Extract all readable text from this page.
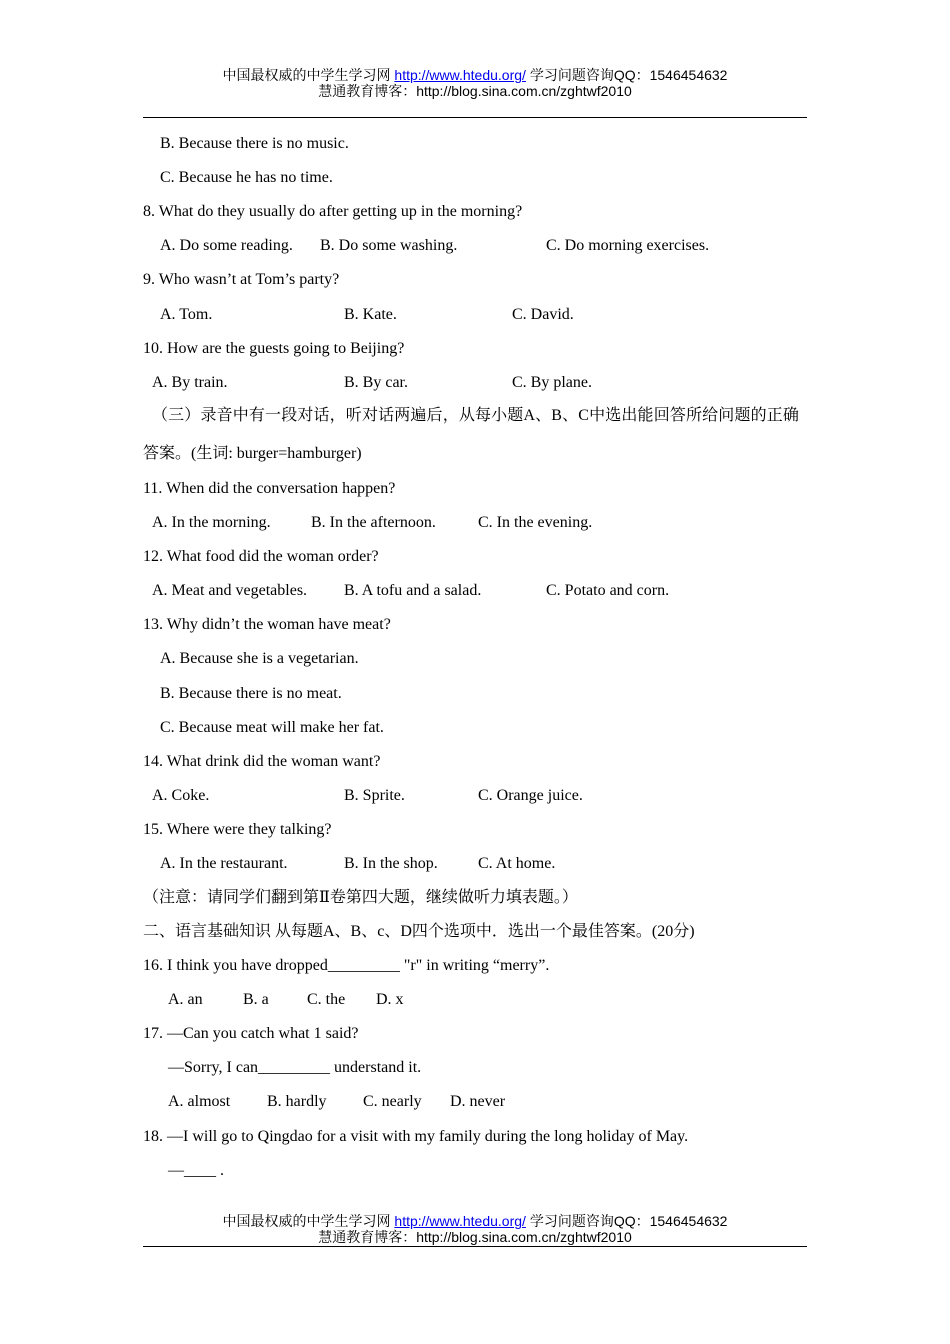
中国最权威的中学生学习网 http://www.htedu.org/ 学习问题咨询QQ：1546454632
慧通教育博客：http://blog.sina.com.cn/zghtwf2010
B. Because there is no music.
C. Because he has no time.
8. What do they usually do after getting up in the morning?
A. Do some reading. B. Do some washing.	C. Do morning exercises.
9. Who wasn’t at Tom’s party?
A. Tom.	B. Kate.	C. David.
10. How are the guests going to Beijing?
A. By train.	B. By car.	C. By plane.
（三）录音中有一段对话，听对话两遍后，从每小题A、B、C中选出能回答所给问题的正确
答案。(生词: burger=hamburger)
11. When did the conversation happen?
A. In the morning.	B. In the afternoon.	C. In the evening.
12. What food did the woman order?
A. Meat and vegetables. B. A tofu and a salad.	C. Potato and corn.
13. Why didn’t the woman have meat?
A. Because she is a vegetarian.
B. Because there is no meat.
C. Because meat will make her fat.
14. What drink did the woman want?
A. Coke.	B. Sprite.	C. Orange juice.
15. Where were they talking?
A. In the restaurant.	B. In the shop.	C. At home.
（注意：请同学们翻到第Ⅱ卷第四大题，继续做听力填表题。）
二、语言基础知识 从每题A、B、c、D四个选项中．选出一个最佳答案。(20分)
16. I think you have dropped_________ "r" in writing “merry”.
A. an	B. a C. the D. x
17. —Can you catch what 1 said?
—Sorry, I can_________ understand it.
A. almost B. hardly C. nearly D. never
18. —I will go to Qingdao for a visit with my family during the long holiday of May.
—____ .
中国最权威的中学生学习网 http://www.htedu.org/ 学习问题咨询QQ：1546454632
慧通教育博客：http://blog.sina.com.cn/zghtwf2010
